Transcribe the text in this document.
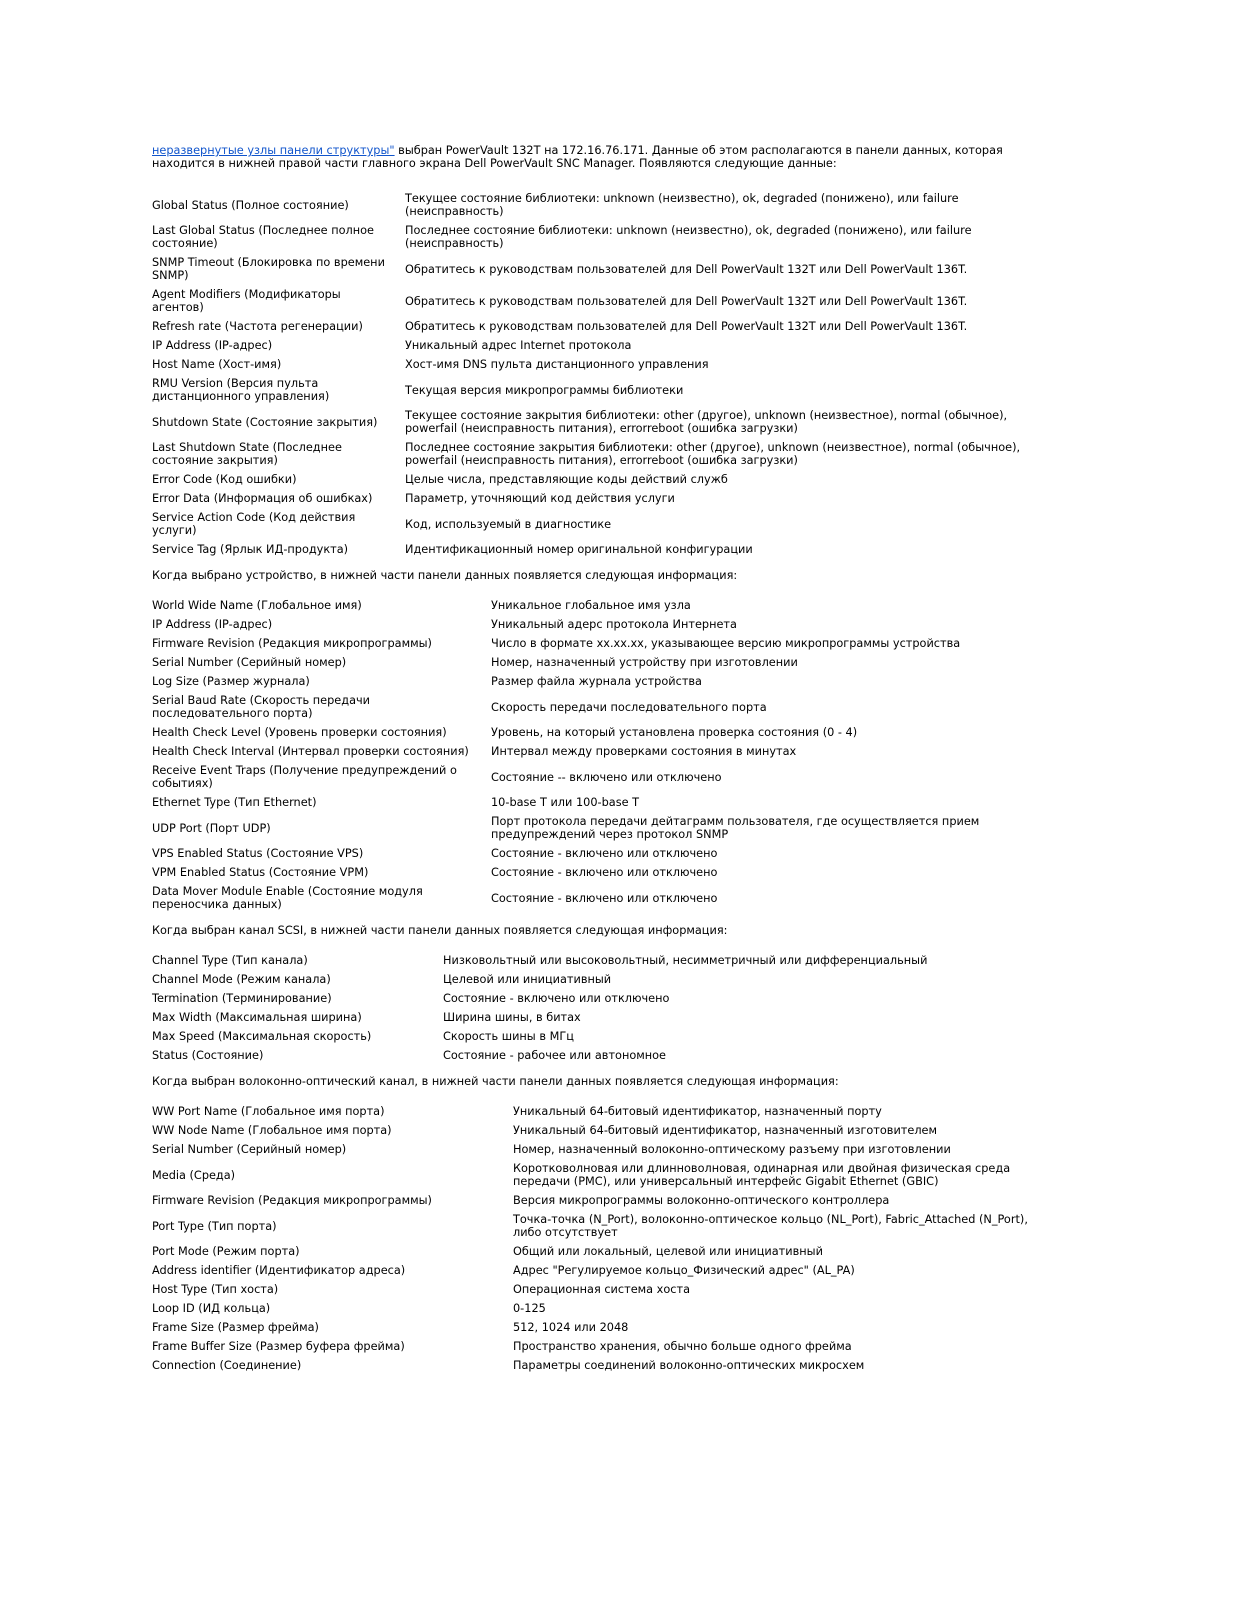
неразвернутые узлы панели структуры" выбран PowerVault 132T на 172.16.76.171. Данные об этом располагаются в панели данных, которая находится в нижней правой части главного экрана Dell PowerVault SNC Manager. Появляются следующие данные:

Global Status (Полное состояние)	Текущее состояние библиотеки: unknown (неизвестно), ok, degraded (понижено), или failure (неисправность)
Last Global Status (Последнее полное состояние)	Последнее состояние библиотеки: unknown (неизвестно), ok, degraded (понижено), или failure (неисправность)
SNMP Timeout (Блокировка по времени SNMP)	Обратитесь к руководствам пользователей для Dell PowerVault 132T или Dell PowerVault 136T.
Agent Modifiers (Модификаторы агентов)	Обратитесь к руководствам пользователей для Dell PowerVault 132T или Dell PowerVault 136T.
Refresh rate (Частота регенерации)	Обратитесь к руководствам пользователей для Dell PowerVault 132T или Dell PowerVault 136T.
IP Address (IP-адрес)	Уникальный адрес Internet протокола
Host Name (Хост-имя)	Хост-имя DNS пульта дистанционного управления
RMU Version (Версия пульта дистанционного управления)	Текущая версия микропрограммы библиотеки
Shutdown State (Состояние закрытия)	Текущее состояние закрытия библиотеки: other (другое), unknown (неизвестное), normal (обычное), powerfail (неисправность питания), errorreboot (ошибка загрузки)
Last Shutdown State (Последнее состояние закрытия)	Последнее состояние закрытия библиотеки: other (другое), unknown (неизвестное), normal (обычное), powerfail (неисправность питания), errorreboot (ошибка загрузки)
Error Code (Код ошибки)	Целые числа, представляющие коды действий служб
Error Data (Информация об ошибках)	Параметр, уточняющий код действия услуги
Service Action Code (Код действия услуги)	Код, используемый в диагностике
Service Tag (Ярлык ИД-продукта)	Идентификационный номер оригинальной конфигурации

Когда выбрано устройство, в нижней части панели данных появляется следующая информация:

World Wide Name (Глобальное имя)	Уникальное глобальное имя узла
IP Address (IP-адрес)	Уникальный адерс протокола Интернета
Firmware Revision (Редакция микропрограммы)	Число в формате xx.xx.xx, указывающее версию микропрограммы устройства
Serial Number (Серийный номер)	Номер, назначенный устройству при изготовлении
Log Size (Размер журнала)	Размер файла журнала устройства
Serial Baud Rate (Скорость передачи последовательного порта)	Скорость передачи последовательного порта
Health Check Level (Уровень проверки состояния)	Уровень, на который установлена проверка состояния (0 - 4)
Health Check Interval (Интервал проверки состояния)	Интервал между проверками состояния в минутах
Receive Event Traps (Получение предупреждений о событиях)	Состояние -- включено или отключено
Ethernet Type (Тип Ethernet)	10-base T или 100-base T
UDP Port (Порт UDP)	Порт протокола передачи дейтаграмм пользователя, где осуществляется прием предупреждений через протокол SNMP
VPS Enabled Status (Состояние VPS)	Состояние - включено или отключено
VPM Enabled Status (Состояние VPM)	Состояние - включено или отключено
Data Mover Module Enable (Состояние модуля переносчика данных)	Состояние - включено или отключено

Когда выбран канал SCSI, в нижней части панели данных появляется следующая информация:

Channel Type (Тип канала)	Низковольтный или высоковольтный, несимметричный или дифференциальный
Channel Mode (Режим канала)	Целевой или инициативный
Termination (Терминирование)	Состояние - включено или отключено
Max Width (Максимальная ширина)	Ширина шины, в битах
Max Speed (Максимальная скорость)	Скорость шины в МГц
Status (Состояние)	Состояние - рабочее или автономное

Когда выбран волоконно-оптический канал, в нижней части панели данных появляется следующая информация:

WW Port Name (Глобальное имя порта)	Уникальный 64-битовый идентификатор, назначенный порту
WW Node Name (Глобальное имя порта)	Уникальный 64-битовый идентификатор, назначенный изготовителем
Serial Number (Серийный номер)	Номер, назначенный волоконно-оптическому разъему при изготовлении
Media (Среда)	Коротковолновая или длинноволновая, одинарная или двойная физическая среда передачи (PMC), или универсальный интерфейс Gigabit Ethernet (GBIC)
Firmware Revision (Редакция микропрограммы)	Версия микропрограммы волоконно-оптического контроллера
Port Type (Тип порта)	Точка-точка (N_Port), волоконно-оптическое кольцо (NL_Port), Fabric_Attached (N_Port), либо отсутствует
Port Mode (Режим порта)	Общий или локальный, целевой или инициативный
Address identifier (Идентификатор адреса)	Адрес "Регулируемое кольцо_Физический адрес" (AL_PA)
Host Type (Тип хоста)	Операционная система хоста
Loop ID (ИД кольца)	0-125
Frame Size (Размер фрейма)	512, 1024 или 2048
Frame Buffer Size (Размер буфера фрейма)	Пространство хранения, обычно больше одного фрейма
Connection (Соединение)	Параметры соединений волоконно-оптических микросхем
